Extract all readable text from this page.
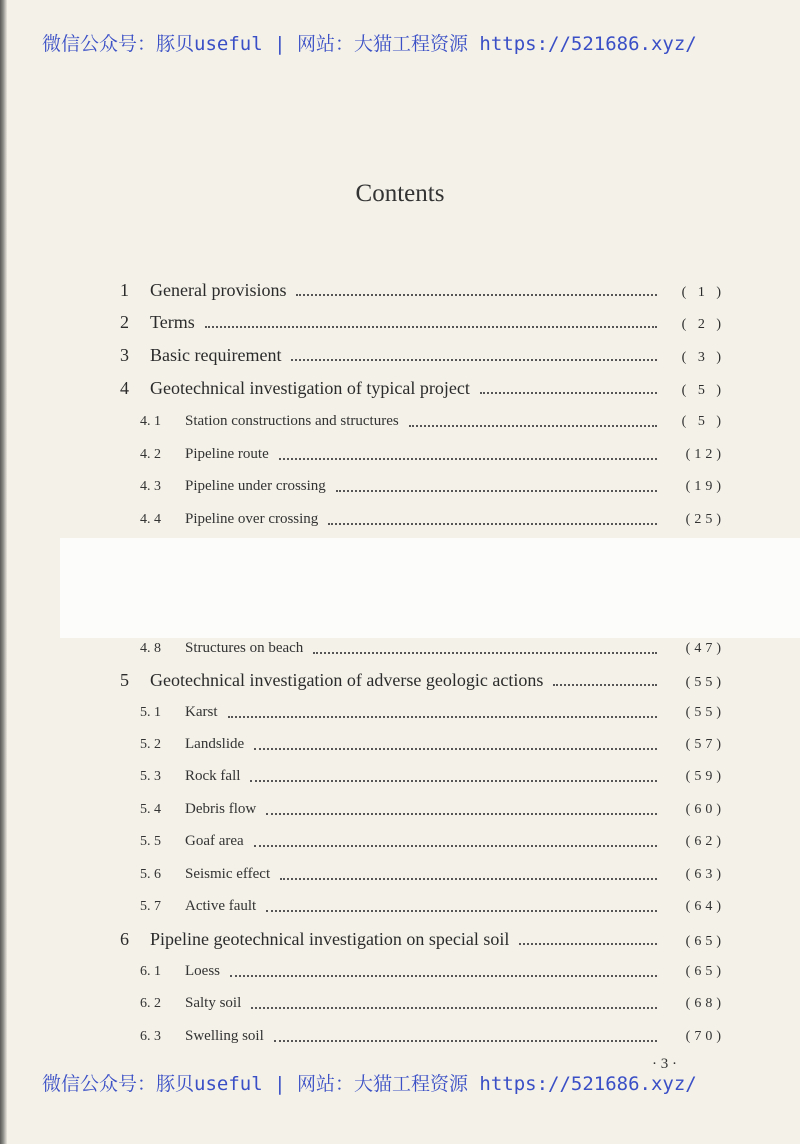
微信公众号：豚贝useful | 网站：大猫工程资源 https://521686.xyz/
Contents
1	General provisions	( 1 )
2	Terms	( 2 )
3	Basic requirement	( 3 )
4	Geotechnical investigation of typical project	( 5 )
4. 1	Station constructions and structures	( 5 )
4. 2	Pipeline route	(12)
4. 3	Pipeline under crossing	(19)
4. 4	Pipeline over crossing	(25)
4. 8	Structures on beach	(47)
5	Geotechnical investigation of adverse geologic actions	(55)
5. 1	Karst	(55)
5. 2	Landslide	(57)
5. 3	Rock fall	(59)
5. 4	Debris flow	(60)
5. 5	Goaf area	(62)
5. 6	Seismic effect	(63)
5. 7	Active fault	(64)
6	Pipeline geotechnical investigation on special soil	(65)
6. 1	Loess	(65)
6. 2	Salty soil	(68)
6. 3	Swelling soil	(70)
· 3 ·
微信公众号：豚贝useful | 网站：大猫工程资源 https://521686.xyz/
